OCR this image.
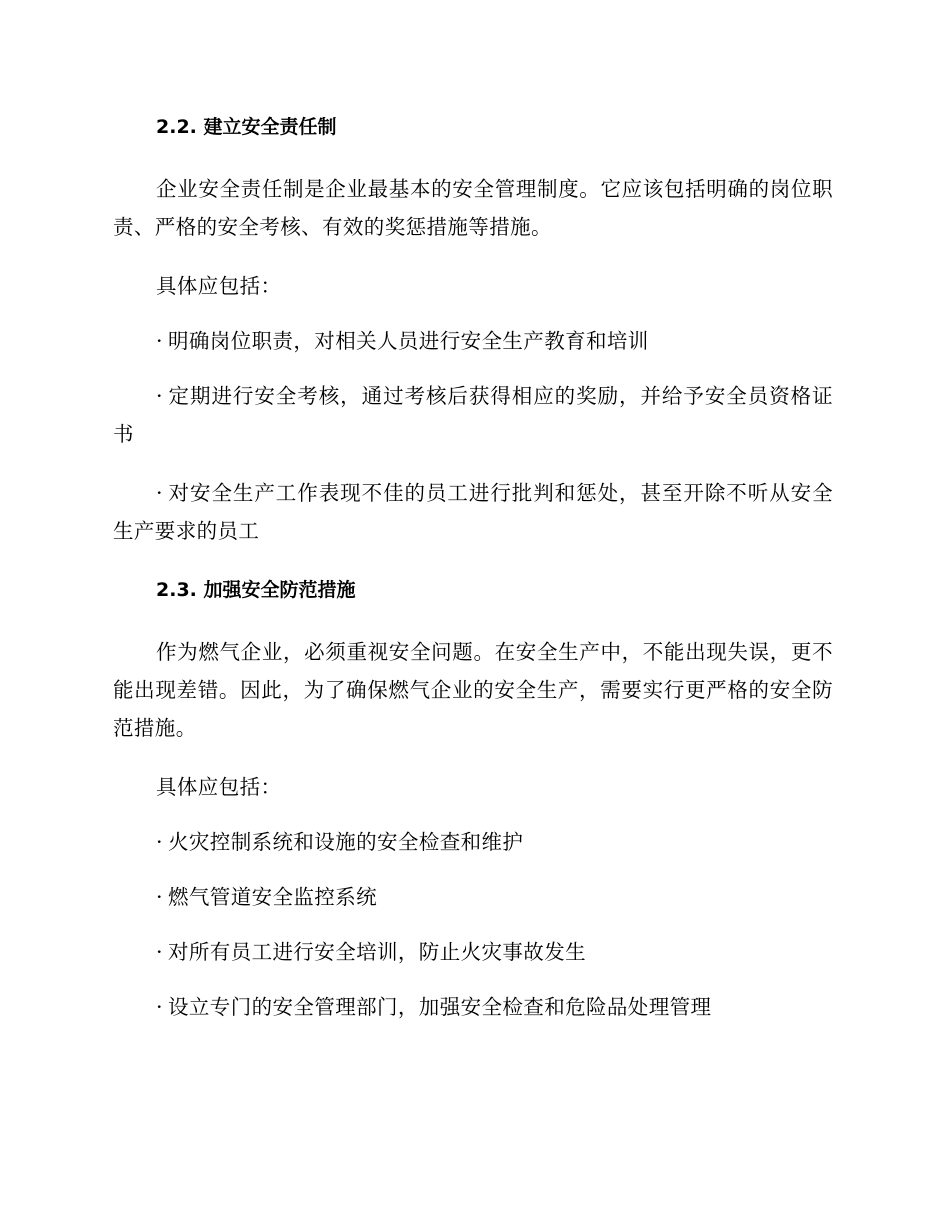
2.2. 建立安全责任制

企业安全责任制是企业最基本的安全管理制度。它应该包括明确的岗位职责、严格的安全考核、有效的奖惩措施等措施。

具体应包括：

· 明确岗位职责，对相关人员进行安全生产教育和培训

· 定期进行安全考核，通过考核后获得相应的奖励，并给予安全员资格证书

· 对安全生产工作表现不佳的员工进行批判和惩处，甚至开除不听从安全生产要求的员工

2.3. 加强安全防范措施

作为燃气企业，必须重视安全问题。在安全生产中，不能出现失误，更不能出现差错。因此，为了确保燃气企业的安全生产，需要实行更严格的安全防范措施。

具体应包括：

· 火灾控制系统和设施的安全检查和维护

· 燃气管道安全监控系统

· 对所有员工进行安全培训，防止火灾事故发生

· 设立专门的安全管理部门，加强安全检查和危险品处理管理
